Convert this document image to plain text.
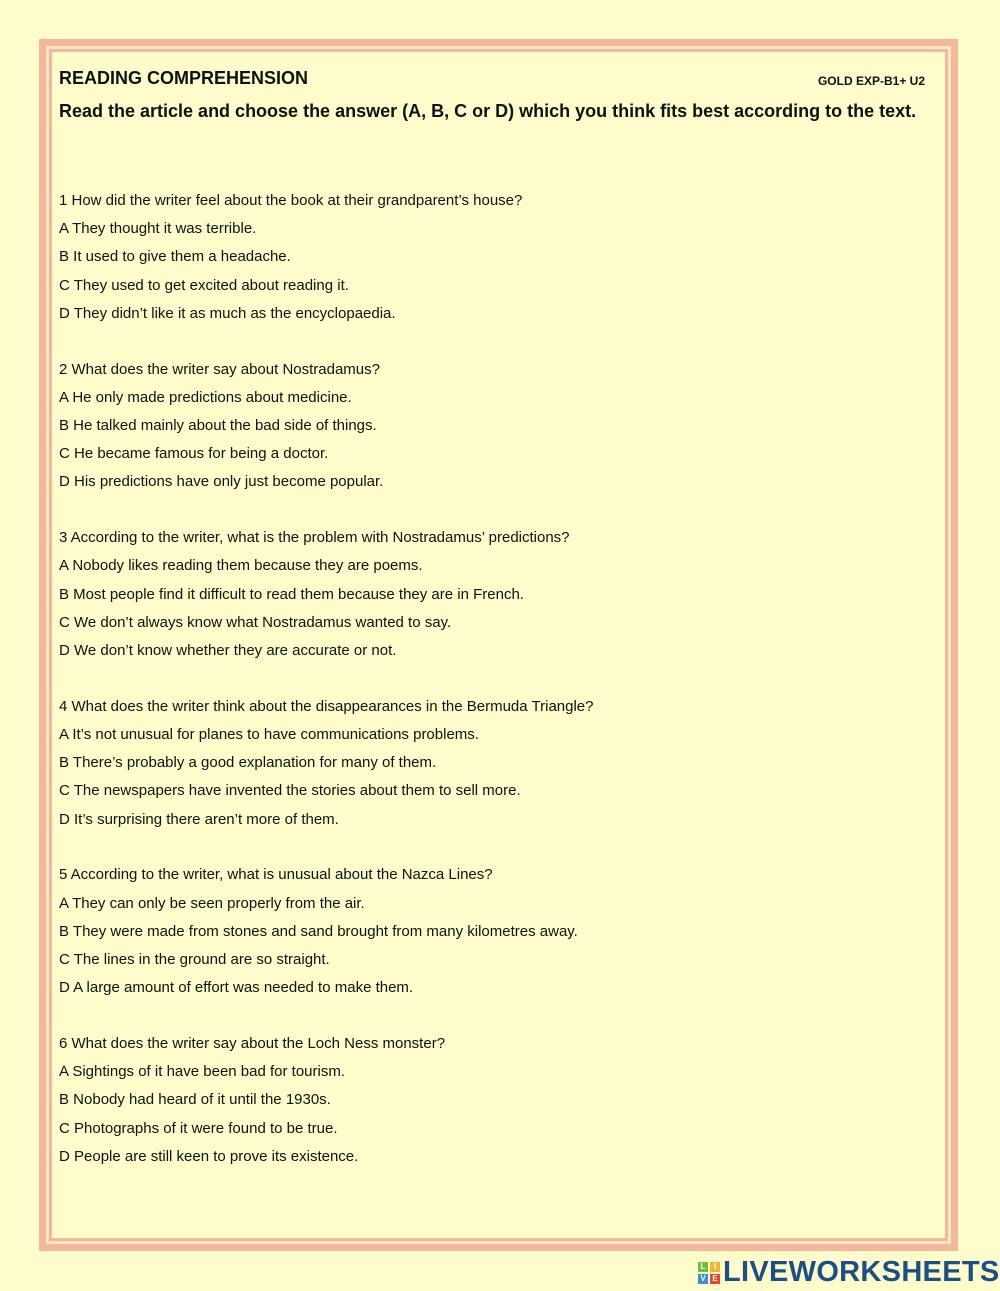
READING COMPREHENSION	GOLD EXP-B1+ U2
Read the article and choose the answer (A, B, C or D) which you think fits best according to the text.
1 How did the writer feel about the book at their grandparent’s house?
A They thought it was terrible.
B It used to give them a headache.
C They used to get excited about reading it.
D They didn’t like it as much as the encyclopaedia.
2 What does the writer say about Nostradamus?
A He only made predictions about medicine.
B He talked mainly about the bad side of things.
C He became famous for being a doctor.
D His predictions have only just become popular.
3 According to the writer, what is the problem with Nostradamus’ predictions?
A Nobody likes reading them because they are poems.
B Most people find it difficult to read them because they are in French.
C We don’t always know what Nostradamus wanted to say.
D We don’t know whether they are accurate or not.
4 What does the writer think about the disappearances in the Bermuda Triangle?
A It’s not unusual for planes to have communications problems.
B There’s probably a good explanation for many of them.
C The newspapers have invented the stories about them to sell more.
D It’s surprising there aren’t more of them.
5 According to the writer, what is unusual about the Nazca Lines?
A They can only be seen properly from the air.
B They were made from stones and sand brought from many kilometres away.
C The lines in the ground are so straight.
D A large amount of effort was needed to make them.
6 What does the writer say about the Loch Ness monster?
A Sightings of it have been bad for tourism.
B Nobody had heard of it until the 1930s.
C Photographs of it were found to be true.
D People are still keen to prove its existence.
L	I
V E LIVEWORKSHEETS
